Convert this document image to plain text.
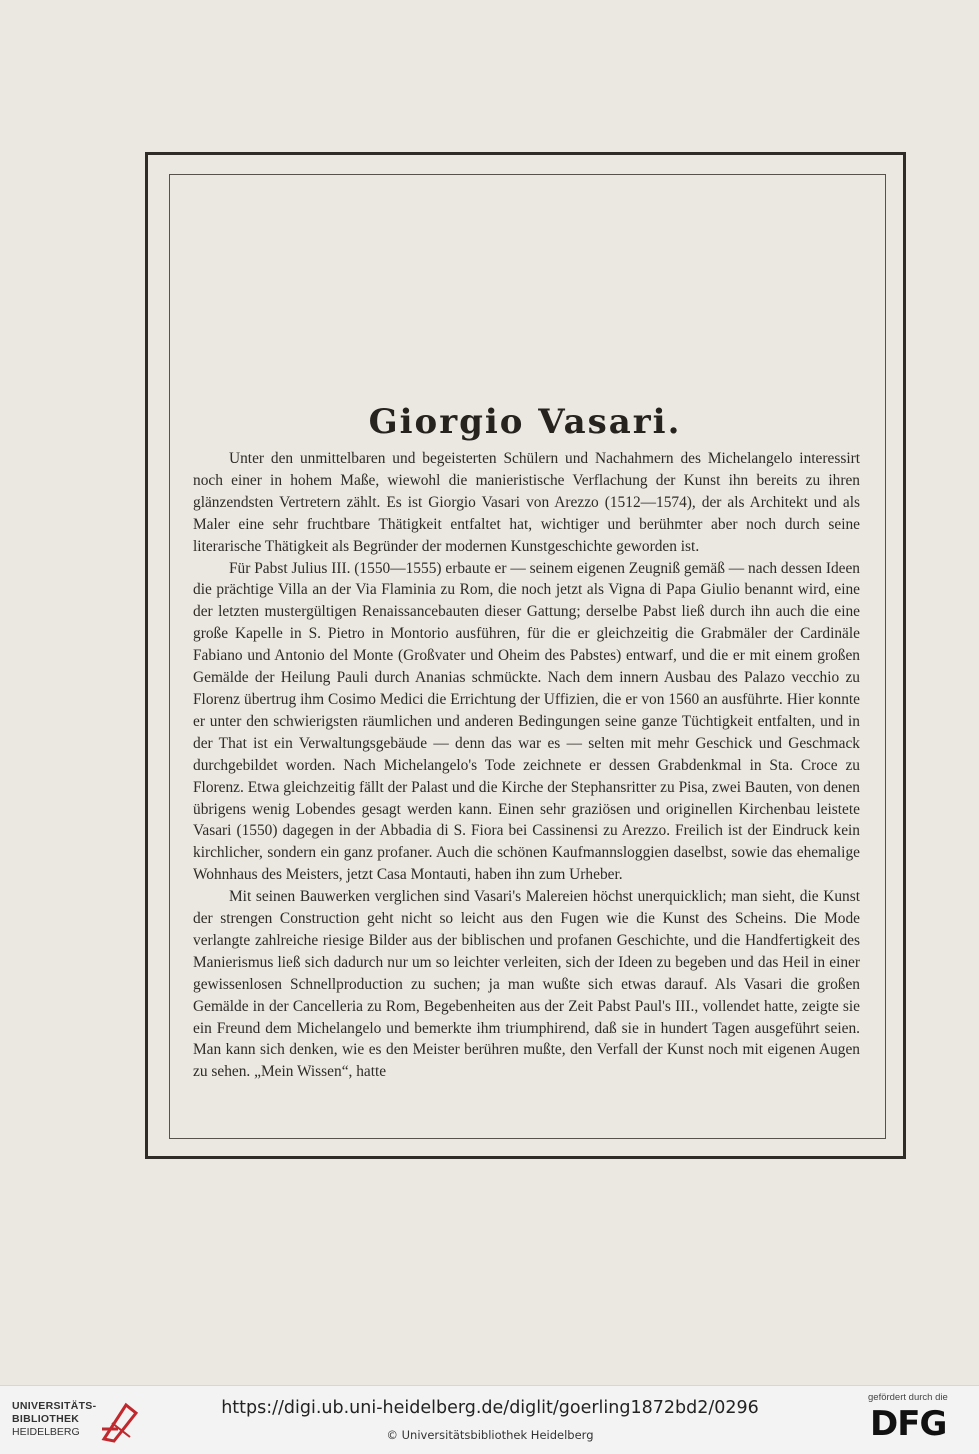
Giorgio Vasari.

Unter den unmittelbaren und begeisterten Schülern und Nachahmern des Michelangelo interessirt noch einer in hohem Maße, wiewohl die manieristische Verflachung der Kunst ihn bereits zu ihren glänzendsten Vertretern zählt. Es ist Giorgio Vasari von Arezzo (1512—1574), der als Architekt und als Maler eine sehr fruchtbare Thätigkeit entfaltet hat, wichtiger und berühmter aber noch durch seine literarische Thätigkeit als Begründer der modernen Kunstgeschichte geworden ist.

Für Pabst Julius III. (1550—1555) erbaute er — seinem eigenen Zeugniß gemäß — nach dessen Ideen die prächtige Villa an der Via Flaminia zu Rom, die noch jetzt als Vigna di Papa Giulio benannt wird, eine der letzten mustergültigen Renaissancebauten dieser Gattung; derselbe Pabst ließ durch ihn auch die eine große Kapelle in S. Pietro in Montorio ausführen, für die er gleichzeitig die Grabmäler der Cardinäle Fabiano und Antonio del Monte (Großvater und Oheim des Pabstes) entwarf, und die er mit einem großen Gemälde der Heilung Pauli durch Ananias schmückte. Nach dem innern Ausbau des Palazo vecchio zu Florenz übertrug ihm Cosimo Medici die Errichtung der Uffizien, die er von 1560 an ausführte. Hier konnte er unter den schwierigsten räumlichen und anderen Bedingungen seine ganze Tüchtigkeit entfalten, und in der That ist ein Verwaltungsgebäude — denn das war es — selten mit mehr Geschick und Geschmack durchgebildet worden. Nach Michelangelo's Tode zeichnete er dessen Grabdenkmal in Sta. Croce zu Florenz. Etwa gleichzeitig fällt der Palast und die Kirche der Stephansritter zu Pisa, zwei Bauten, von denen übrigens wenig Lobendes gesagt werden kann. Einen sehr graziösen und originellen Kirchenbau leistete Vasari (1550) dagegen in der Abbadia di S. Fiora bei Cassinensi zu Arezzo. Freilich ist der Eindruck kein kirchlicher, sondern ein ganz profaner. Auch die schönen Kaufmannsloggien daselbst, sowie das ehemalige Wohnhaus des Meisters, jetzt Casa Montauti, haben ihn zum Urheber.

Mit seinen Bauwerken verglichen sind Vasari's Malereien höchst unerquicklich; man sieht, die Kunst der strengen Construction geht nicht so leicht aus den Fugen wie die Kunst des Scheins. Die Mode verlangte zahlreiche riesige Bilder aus der biblischen und profanen Geschichte, und die Handfertigkeit des Manierismus ließ sich dadurch nur um so leichter verleiten, sich der Ideen zu begeben und das Heil in einer gewissenlosen Schnellproduction zu suchen; ja man wußte sich etwas darauf. Als Vasari die großen Gemälde in der Cancelleria zu Rom, Begebenheiten aus der Zeit Pabst Paul's III., vollendet hatte, zeigte sie ein Freund dem Michelangelo und bemerkte ihm triumphirend, daß sie in hundert Tagen ausgeführt seien. Man kann sich denken, wie es den Meister berühren mußte, den Verfall der Kunst noch mit eigenen Augen zu sehen. „Mein Wissen“, hatte

UNIVERSITÄTS-
BIBLIOTHEK
HEIDELBERG
https://digi.ub.uni-heidelberg.de/diglit/goerling1872bd2/0296
© Universitätsbibliothek Heidelberg
gefördert durch die
DFG
